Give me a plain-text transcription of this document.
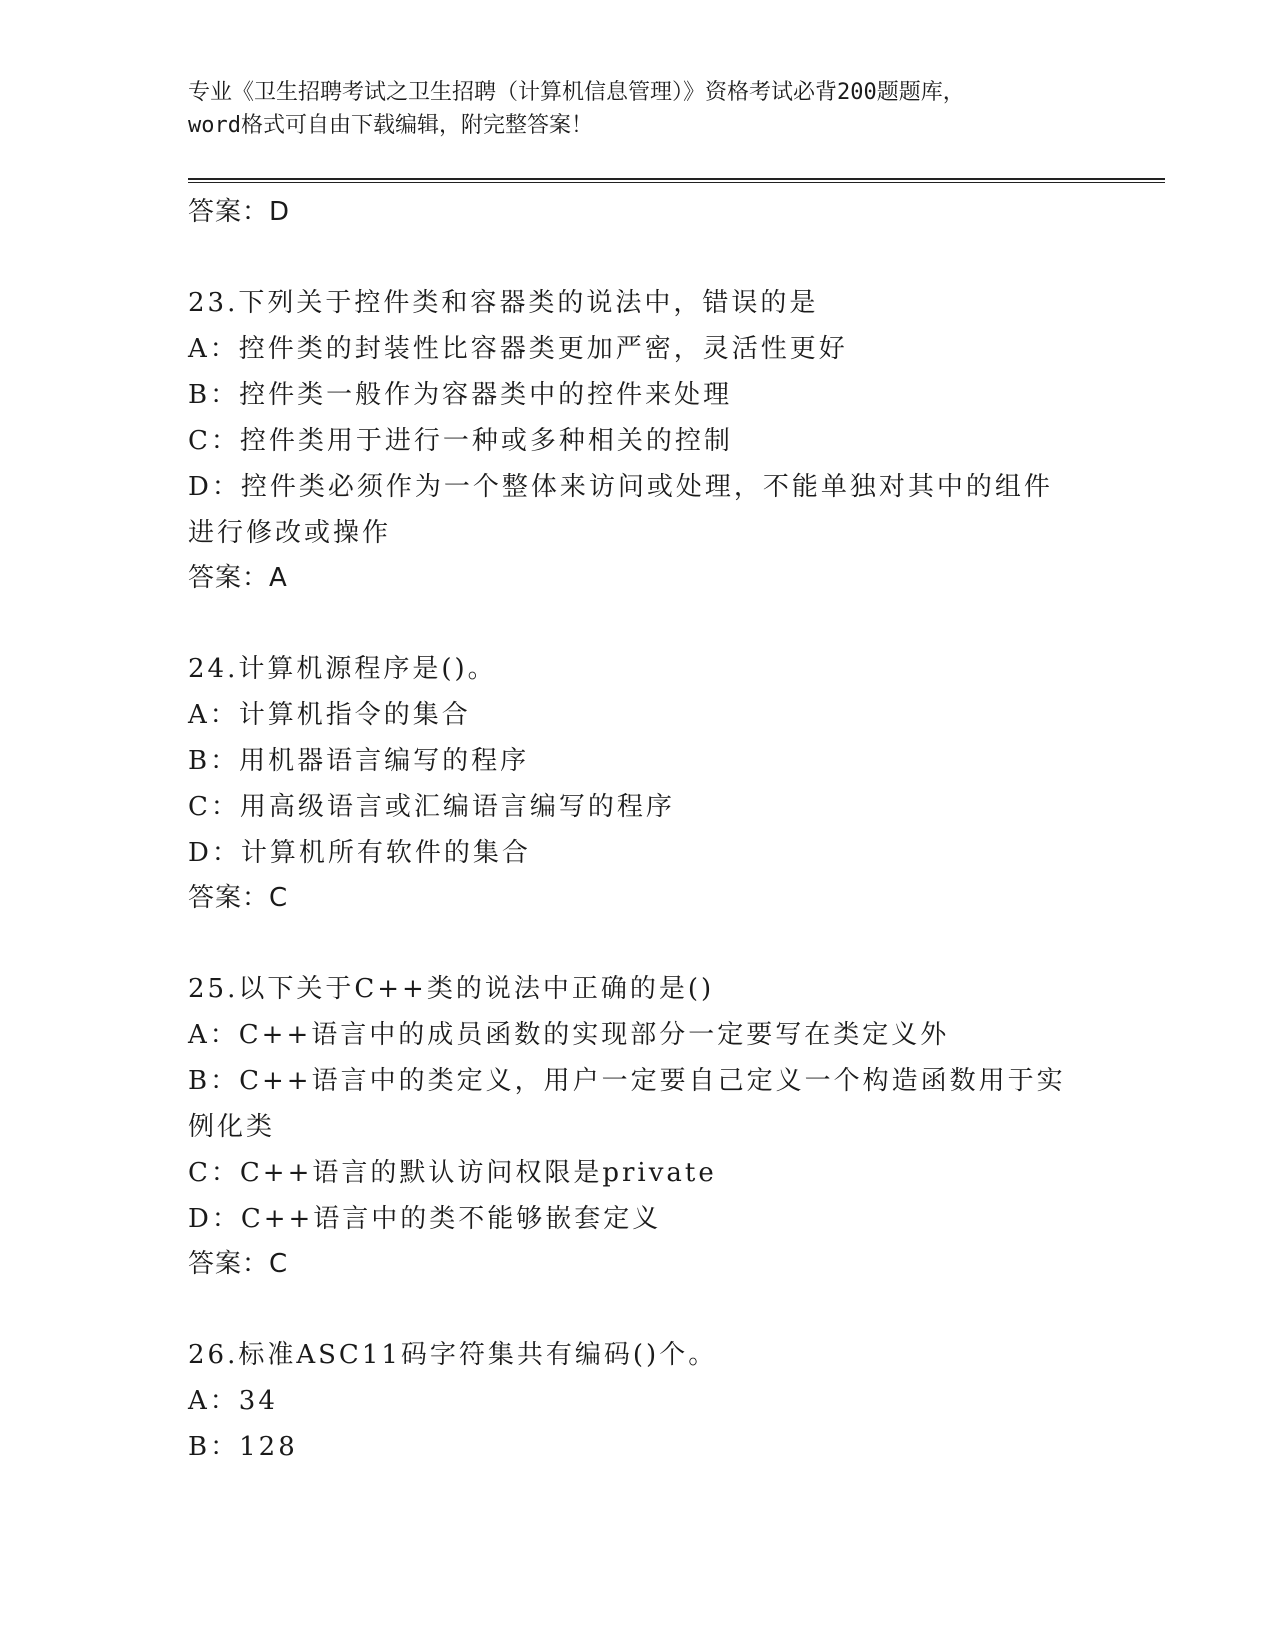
专业《卫生招聘考试之卫生招聘（计算机信息管理）》资格考试必背200题题库，
word格式可自由下载编辑，附完整答案！
答案：D
23.下列关于控件类和容器类的说法中，错误的是
A：控件类的封装性比容器类更加严密，灵活性更好
B：控件类一般作为容器类中的控件来处理
C：控件类用于进行一种或多种相关的控制
D：控件类必须作为一个整体来访问或处理，不能单独对其中的组件进行修改或操作
答案：A
24.计算机源程序是()。
A：计算机指令的集合
B：用机器语言编写的程序
C：用高级语言或汇编语言编写的程序
D：计算机所有软件的集合
答案：C
25.以下关于C++类的说法中正确的是()
A：C++语言中的成员函数的实现部分一定要写在类定义外
B：C++语言中的类定义，用户一定要自己定义一个构造函数用于实例化类
C：C++语言的默认访问权限是private
D：C++语言中的类不能够嵌套定义
答案：C
26.标准ASC11码字符集共有编码()个。
A：34
B：128
